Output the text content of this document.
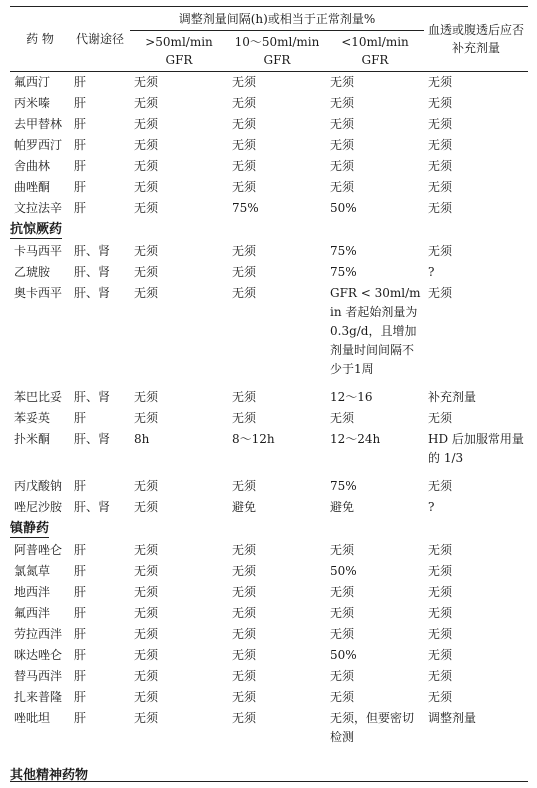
药 物	代谢途径	调整剂量间隔(h)或相当于正常剂量%			血透或腹透后应否补充剂量
		>50ml/min GFR	10～50ml/min GFR	<10ml/min GFR	

氟西汀	肝	无须	无须	无须	无须
丙米嗪	肝	无须	无须	无须	无须
去甲替林	肝	无须	无须	无须	无须
帕罗西汀	肝	无须	无须	无须	无须
舍曲林	肝	无须	无须	无须	无须
曲唑酮	肝	无须	无须	无须	无须
文拉法辛	肝	无须	75%	50%	无须
抗惊厥药					
卡马西平	肝、肾	无须	无须	75%	无须
乙琥胺	肝、肾	无须	无须	75%	?
奥卡西平	肝、肾	无须	无须	GFR < 30ml/min 者起始剂量为 0.3g/d，且增加剂量时间间隔不少于1周	无须
苯巴比妥	肝、肾	无须	无须	12～16	补充剂量
苯妥英	肝	无须	无须	无须	无须
扑米酮	肝、肾	8h	8～12h	12～24h	HD 后加服常用量的 1/3
丙戊酸钠	肝	无须	无须	75%	无须
唑尼沙胺	肝、肾	无须	避免	避免	?
镇静药					
阿普唑仑	肝	无须	无须	无须	无须
氯氮草	肝	无须	无须	50%	无须
地西泮	肝	无须	无须	无须	无须
氟西泮	肝	无须	无须	无须	无须
劳拉西泮	肝	无须	无须	无须	无须
咪达唑仑	肝	无须	无须	50%	无须
替马西泮	肝	无须	无须	无须	无须
扎来普隆	肝	无须	无须	无须	无须
唑吡坦	肝	无须	无须	无须，但要密切检测	调整剂量
其他精神药物
